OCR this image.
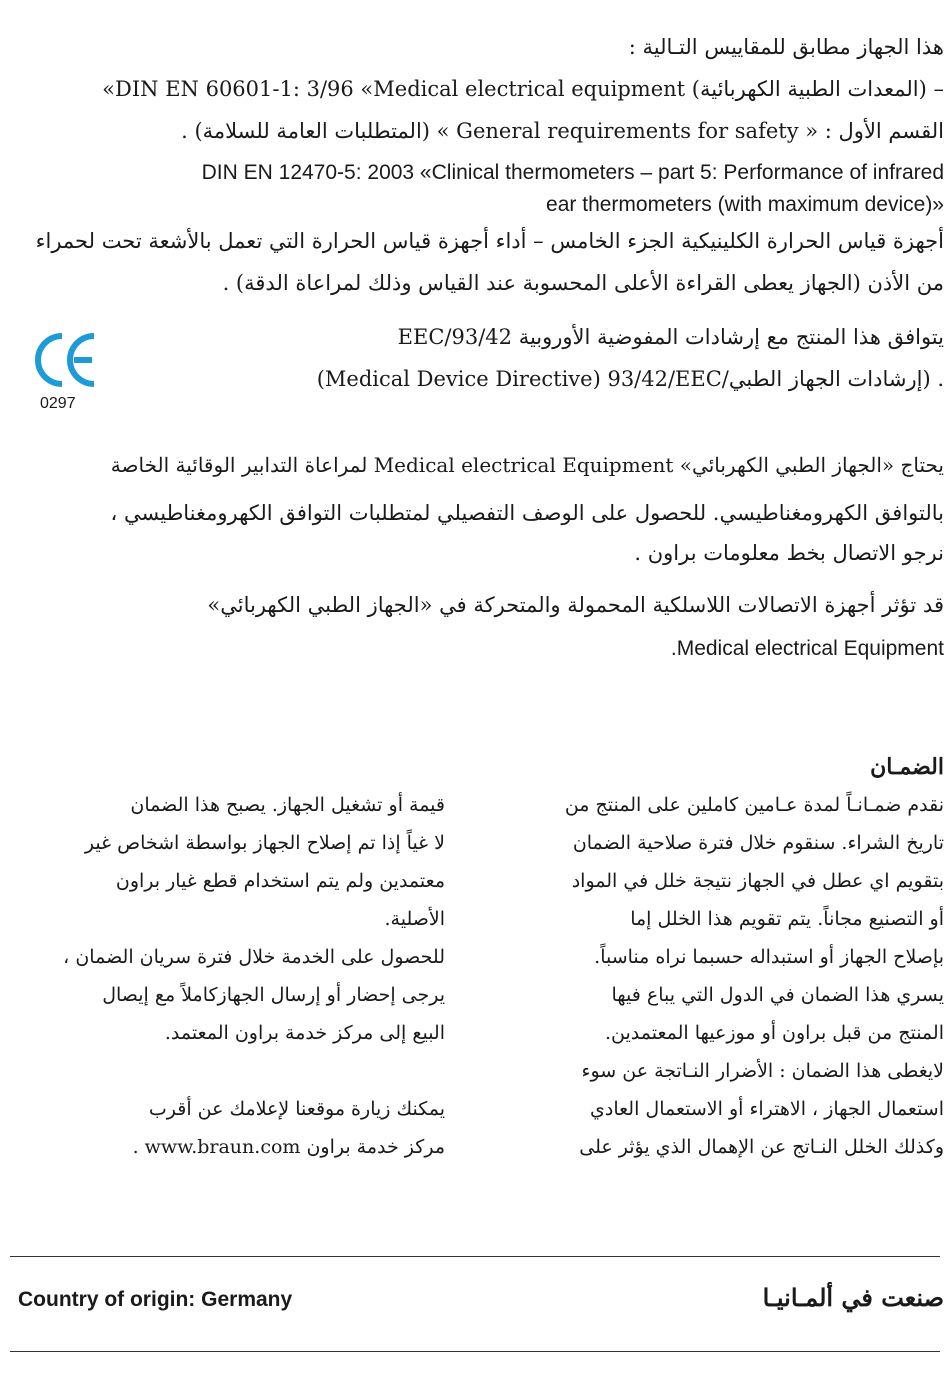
هذا الجهاز مطابق للمقاييس التـالية :
«DIN EN 60601-1: 3/96 «Medical electrical equipment (المعدات الطبية الكهربائية) –
القسم الأول : « General requirements for safety » (المتطلبات العامة للسلامة) .
DIN EN 12470-5: 2003 «Clinical thermometers – part 5: Performance of infrared
ear thermometers (with maximum device)»
أجهزة قياس الحرارة الكلينيكية الجزء الخامس – أداء أجهزة قياس الحرارة التي تعمل بالأشعة تحت لحمراء
من الأذن (الجهاز يعطى القراءة الأعلى المحسوبة عند القياس وذلك لمراعاة الدقة) .
0297
يتوافق هذا المنتج مع إرشادات المفوضية الأوروبية 93/42/EEC
(Medical Device Directive) 93/42/EEC/إرشادات الجهاز الطبي) .
يحتاج «الجهاز الطبي الكهربائي» Medical electrical Equipment لمراعاة التدابير الوقائية الخاصة
بالتوافق الكهرومغناطيسي. للحصول على الوصف التفصيلي لمتطلبات التوافق الكهرومغناطيسي ،
نرجو الاتصال بخط معلومات براون .
قد تؤثر أجهزة الاتصالات اللاسلكية المحمولة والمتحركة في «الجهاز الطبي الكهربائي»
.Medical electrical Equipment
الضمـان
نقدم ضمـانـاً لمدة عـامين كاملين على المنتج من
تاريخ الشراء. سنقوم خلال فترة صلاحية الضمان
بتقويم اي عطل في الجهاز نتيجة خلل في المواد
أو التصنيع مجاناً. يتم تقويم هذا الخلل إما
بإصلاح الجهاز أو استبداله حسبما نراه مناسباً.
يسري هذا الضمان في الدول التي يباع فيها
المنتج من قبل براون أو موزعيها المعتمدين.
لايغطى هذا الضمان : الأضرار النـاتجة عن سوء
استعمال الجهاز ، الاهتراء أو الاستعمال العادي
وكذلك الخلل النـاتج عن الإهمال الذي يؤثر على
قيمة أو تشغيل الجهاز. يصبح هذا الضمان
لا غياً إذا تم إصلاح الجهاز بواسطة اشخاص غير
معتمدين ولم يتم استخدام قطع غيار براون
الأصلية.
للحصول على الخدمة خلال فترة سريان الضمان ،
يرجى إحضار أو إرسال الجهازكاملاً مع إيصال
البيع إلى مركز خدمة براون المعتمد.
يمكنك زيارة موقعنا لإعلامك عن أقرب
مركز خدمة براون www.braun.com .
Country of origin: Germany	صنعت في ألمـانيـا
